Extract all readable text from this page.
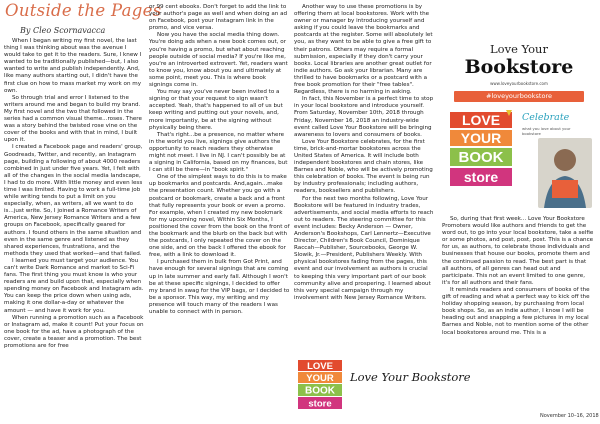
Outside the Pages
By Cleo Scornavacca

When I began writing my first novel, the last thing I was thinking about was the avenue I would take to get it to the readers. Sure, I knew I wanted to be traditionally published—but, I also wanted to write and publish independently. And, like many authors starting out, I didn't have the first clue on how to mass market my work on my own.

So through trial and error I listened to the writers around me and began to build my brand. My first novel and the two that followed in the series had a common visual theme...roses. There was a story behind the twisted rose vine on the cover of the books and with that in mind, I built upon it.

I created a Facebook page and readers' group, Goodreads, Twitter, and recently, an Instagram page, building a following of about 4000 readers combined in just under five years. Yet, I felt with all of the changes in the social media landscape, I had to do more. With little money and even less time I was limited. Having to work a full-time job while writing tends to put a limit on you especially, when, as writers, all we want to do is...just write. So, I joined a Romance Writers of America, New Jersey Romance Writers and a few groups on Facebook, specifically geared for authors. I found others in the same situation and even in the same genre and listened as they shared experiences, frustrations, and the methods they used that worked—and that failed.

I learned you must target your audience. You can't write Dark Romance and market to Sci-Fi fans. The first thing you must know is who your readers are and build upon that, especially when spending money on Facebook and Instagram ads. You can keep the price down when using ads, making it one dollar-a-day or whatever the amount — and have it work for you.

When running a promotion such as a Facebook or Instagram ad, make it count! Put your focus on one book for the ad, have a photograph of the cover, create a teaser and a promotion. The best promotions are for free

or 99 cent ebooks. Don't forget to add the link to your author's page as well and when doing an ad on Facebook, post your Instagram link in the promo, and vice versa.

Now you have the social media thing down. You're doing ads when a new book comes out, or you're having a promo, but what about reaching people outside of social media? If you're like me, you're an introverted extrovert. Yet, readers want to know you, know about you and ultimately at some point, meet you. This is where book signings come in.

You may say you've never been invited to a signing or that your request to sign wasn't accepted. Yeah, that's happened to all of us but keep writing and putting out your novels, and, more importantly, be at the signing without physically being there.

That's right...be a presence, no matter where in the world you live, signings give authors the opportunity to reach readers they otherwise might not meet. I live in NJ. I can't possibly be at a signing in California, based on my finances, but I can still be there—in "book spirit."

One of the simplest ways to do this is to make up bookmarks and postcards. And,again...make the presentation count. Whether you go with a postcard or bookmark, create a back and a front that fully represents your book or even a promo. For example, when I created my new bookmark for my upcoming novel, Within Six Months, I positioned the cover from the book on the front of the bookmark and the blurb on the back but with the postcards, I only repeated the cover on the one side, and on the back I offered the ebook for free, with a link to download it.

I purchased them in bulk from Got Print, and have enough for several signings that are coming up in late summer and early fall. Although I won't be at these specific signings, I decided to offer my brand in swag for the VIP bags, or I decided to be a sponsor. This way, my writing and my presence will touch many of the readers I was unable to connect with in person.

Another way to use these promotions is by offering them at local bookstores. Work with the owner or manager by introducing yourself and asking if you could leave the bookmarks and postcards at the register. Some will absolutely let you, as they want to be able to give a free gift to their patrons. Others may require a formal submission, especially if they don't carry your books. Local libraries are another great outlet for indie authors. Go ask your librarian. Many are thrilled to have bookmarks or a postcard with a free book promotion for their "free tables". Regardless, there is no harming in asking.

In fact, this November is a perfect time to stop in your local bookstore and introduce yourself. From Saturday, November 10th, 2018 through Friday, November 16, 2018 an industry-wide event called Love Your Bookstore will be bringing awareness to lovers and consumers of books.

Love Your Bookstore celebrates, for the first time, brick-and-mortar bookstores across the United States of America. It will include both independent bookstores and chain stores, like Barnes and Noble, who will be actively promoting this celebration of books. The event is being run by industry professionals; including authors, readers, booksellers and publishers.

For the next two months following, Love Your Bookstore will be featured in industry trades, advertisements, and social media efforts to reach out to readers. The steering committee for this event includes: Becky Anderson — Owner, Anderson's Bookshops, Carl Lennertz—Executive Director, Children's Book Council, Dominique Raccah—Publisher, Sourcebooks, George W. Slowik, Jr.—President, Publishers Weekly. With physical bookstores fading from the pages, this event and our involvement as authors is crucial to keeping this very important part of our book community alive and prospering. I learned about this very special campaign through my involvement with New Jersey Romance Writers.

Love Your
Bookstore
www.loveyourbookstore.com
#loveyourbookstore
LOVE
YOUR
BOOK
store
Celebrate
what you love about your bookstore

So, during that first week... Love Your Bookstore Promoters would like authors and friends to get the word out, to go into your local bookstore, take a selfie or some photos, and post, post, post. This is a chance for us, as authors, to celebrate those individuals and businesses that house our books, promote them and the continued passion to read. The best part is that all authors, of all genres can head out and participate. This not an event limited to one genre, it's for all authors and their fans.

It reminds readers and consumers of books of the gift of reading and what a perfect way to kick off the holiday shopping season, by purchasing from local book shops. So, as an indie author, I know I will be heading out and snapping a few pictures in my local Barnes and Noble, not to mention some of the other local bookstores around me. This is a

LOVE
YOUR
BOOK
store
Love Your Bookstore
November 10–16, 2018
